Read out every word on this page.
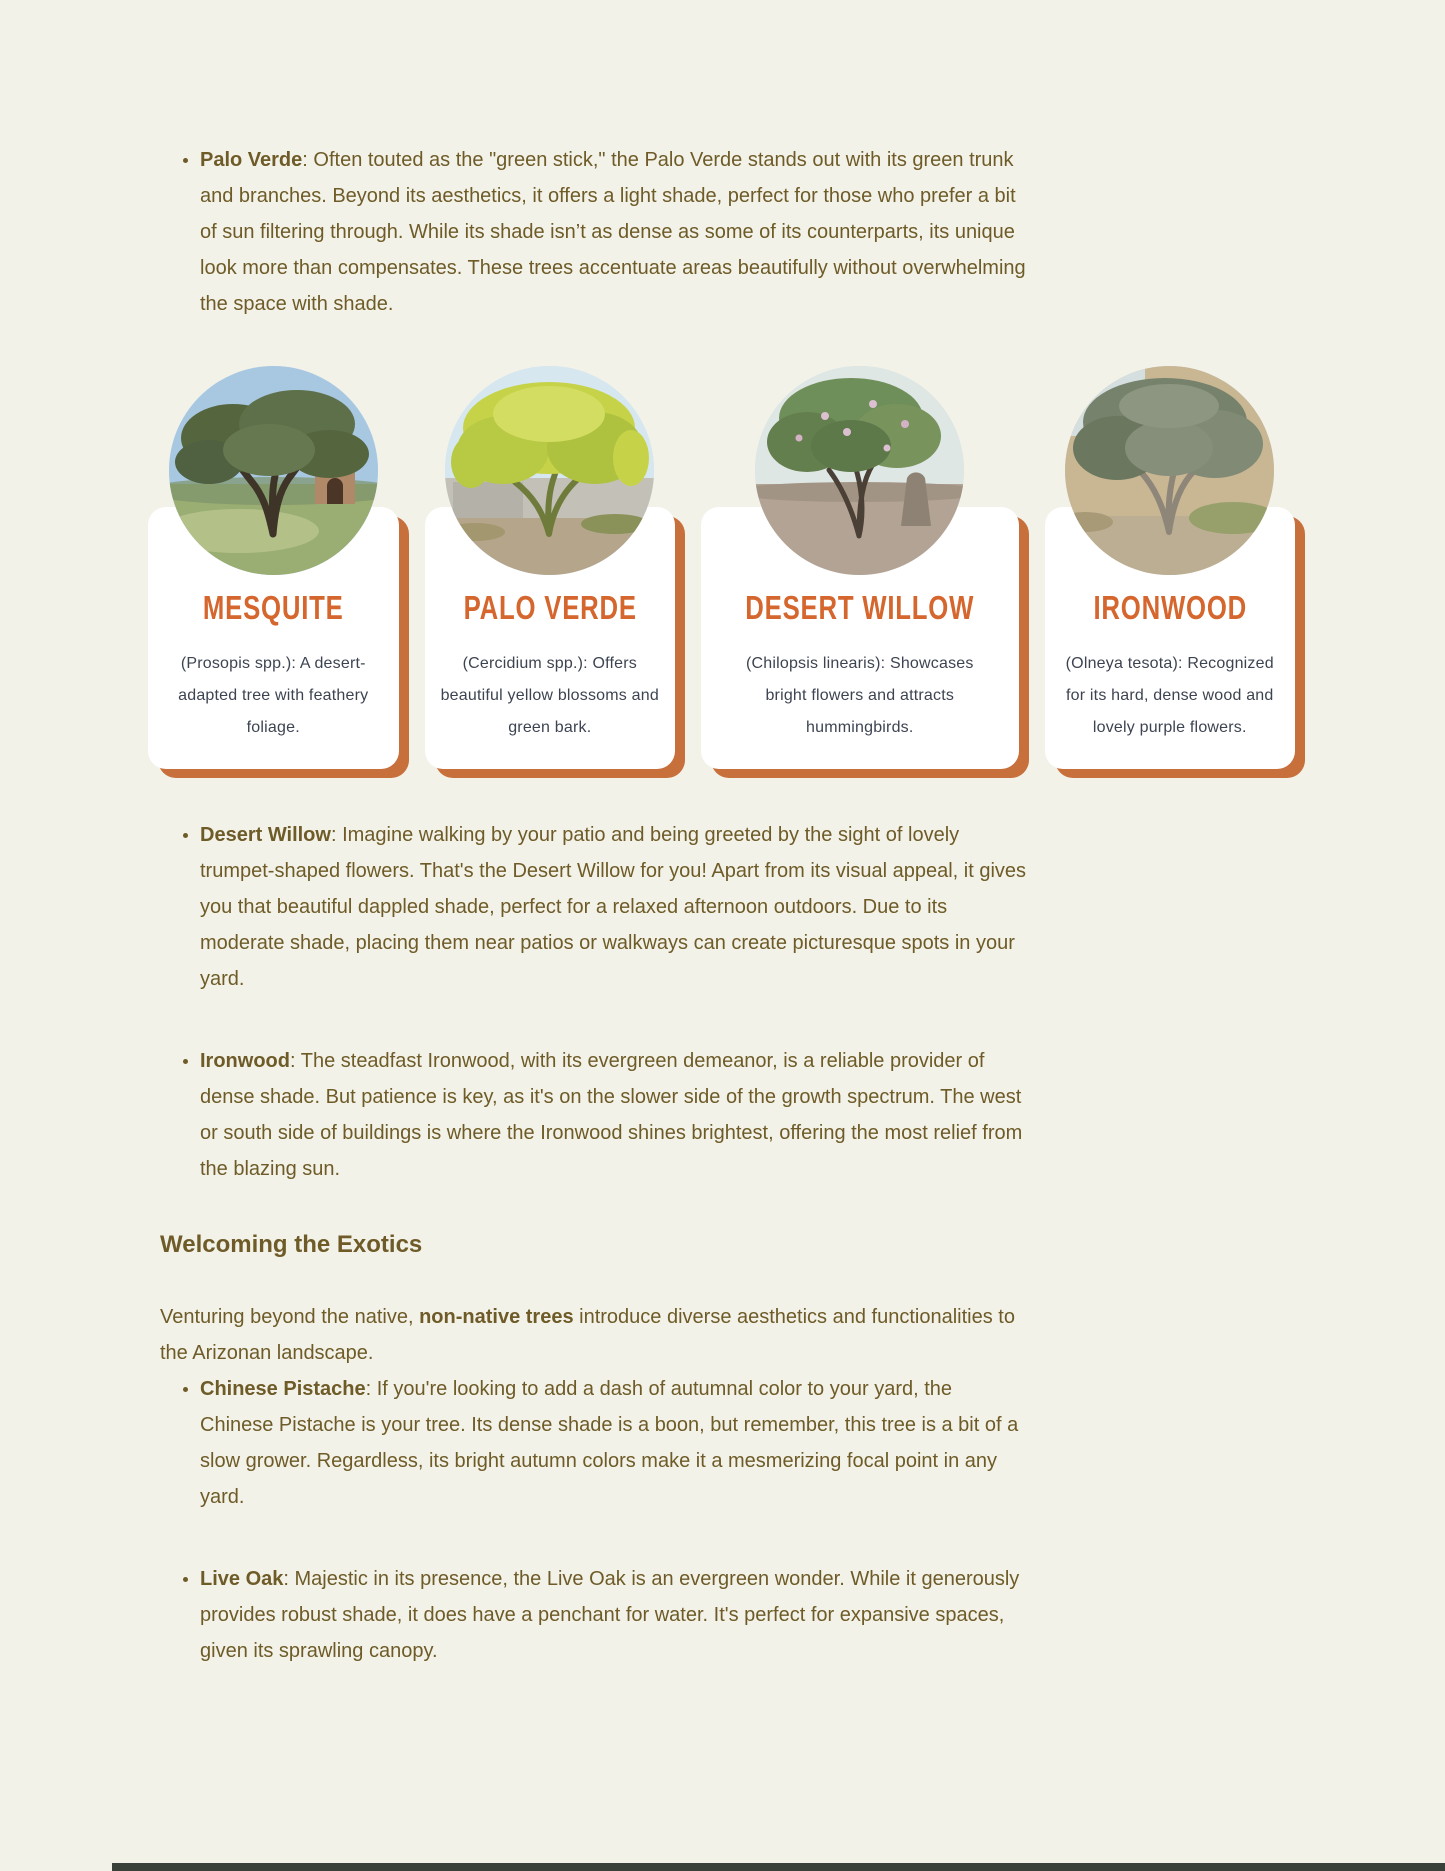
• Palo Verde: Often touted as the "green stick," the Palo Verde stands out with its green trunk and branches. Beyond its aesthetics, it offers a light shade, perfect for those who prefer a bit of sun filtering through. While its shade isn’t as dense as some of its counterparts, its unique look more than compensates. These trees accentuate areas beautifully without overwhelming the space with shade.
MESQUITE

(Prosopis spp.): A desert-adapted tree with feathery foliage.

PALO VERDE

(Cercidium spp.): Offers beautiful yellow blossoms and green bark.

DESERT WILLOW

(Chilopsis linearis): Showcases bright flowers and attracts hummingbirds.

IRONWOOD

(Olneya tesota): Recognized for its hard, dense wood and lovely purple flowers.

• Desert Willow: Imagine walking by your patio and being greeted by the sight of lovely trumpet-shaped flowers. That's the Desert Willow for you! Apart from its visual appeal, it gives you that beautiful dappled shade, perfect for a relaxed afternoon outdoors. Due to its moderate shade, placing them near patios or walkways can create picturesque spots in your yard.
• Ironwood: The steadfast Ironwood, with its evergreen demeanor, is a reliable provider of dense shade. But patience is key, as it's on the slower side of the growth spectrum. The west or south side of buildings is where the Ironwood shines brightest, offering the most relief from the blazing sun.
Welcoming the Exotics

Venturing beyond the native, non-native trees introduce diverse aesthetics and functionalities to the Arizonan landscape.

• Chinese Pistache: If you're looking to add a dash of autumnal color to your yard, the Chinese Pistache is your tree. Its dense shade is a boon, but remember, this tree is a bit of a slow grower. Regardless, its bright autumn colors make it a mesmerizing focal point in any yard.
• Live Oak: Majestic in its presence, the Live Oak is an evergreen wonder. While it generously provides robust shade, it does have a penchant for water. It's perfect for expansive spaces, given its sprawling canopy.
